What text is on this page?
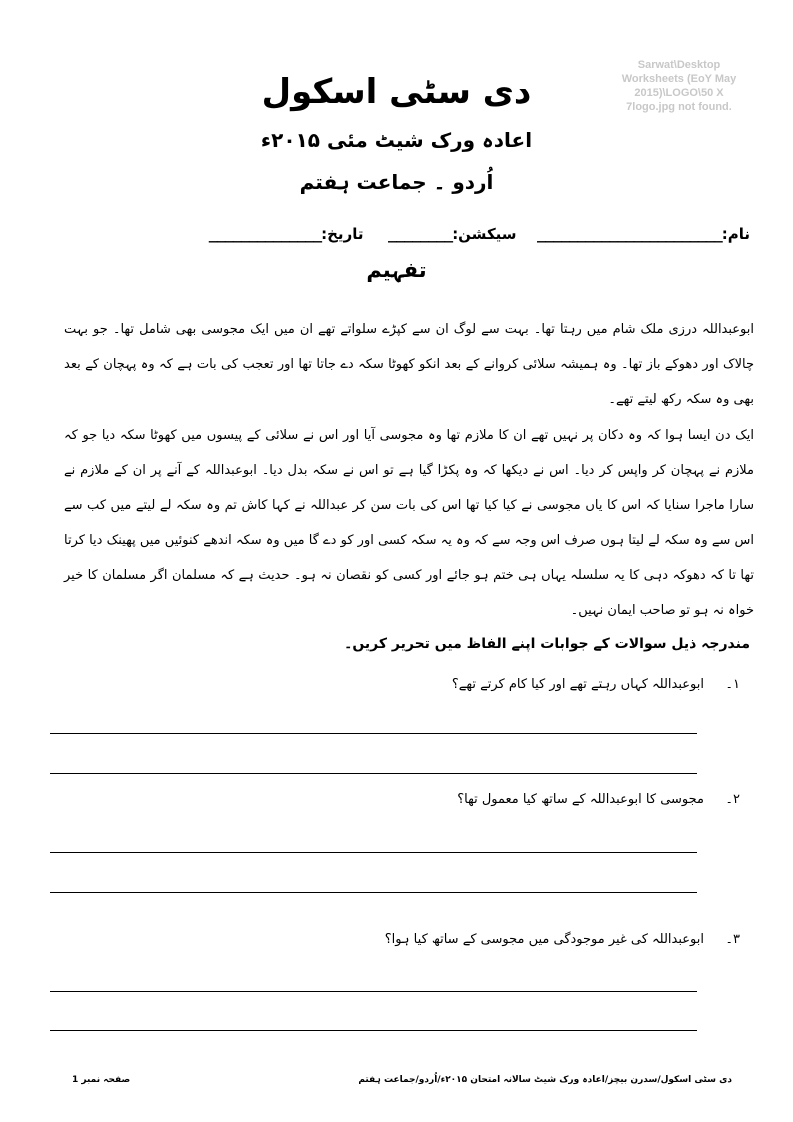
دی سٹی اسکول
Sarwat\Desktop Worksheets (EoY May 2015)\LOGO\50 X 7logo.jpg not found.
اعادہ ورک شیٹ مئی ۲۰۱۵ء
اُردو ۔ جماعت ہفتم
نام:_______________________  سیکشن:________  تاریخ:______________
تفہیم
ابوعبداللہ درزی ملک شام میں رہتا تھا۔ بہت سے لوگ ان سے کپڑے سلواتے تھے ان میں ایک مجوسی بھی شامل تھا۔ جو بہت چالاک اور دھوکے باز تھا۔ وہ ہمیشہ سلائی کروانے کے بعد انکو کھوٹا سکہ دے جاتا تھا اور تعجب کی بات ہے کہ وہ پہچان کے بعد بھی وہ سکہ رکھ لیتے تھے۔
ایک دن ایسا ہوا کہ وہ دکان پر نہیں تھے ان کا ملازم تھا وہ مجوسی آیا اور اس نے سلائی کے پیسوں میں کھوٹا سکہ دیا جو کہ ملازم نے پہچان کر واپس کر دیا۔ اس نے دیکھا کہ وہ پکڑا گیا ہے تو اس نے سکہ بدل دیا۔ ابوعبداللہ کے آنے پر ان کے ملازم نے سارا ماجرا سنایا کہ اس کا یاں مجوسی نے کیا کیا تھا اس کی بات سن کر عبداللہ نے کہا کاش تم وہ سکہ لے لیتے میں کب سے اس سے وہ سکہ لے لیتا ہوں صرف اس وجہ سے کہ وہ یہ سکہ کسی اور کو دے گا میں وہ سکہ اندھے کنوئیں میں پھینک دیا کرتا تھا تا کہ دھوکہ دہی کا یہ سلسلہ یہاں ہی ختم ہو جائے اور کسی کو نقصان نہ ہو۔ حدیث ہے کہ مسلمان اگر مسلمان کا خیر خواہ نہ ہو تو صاحب ایمان نہیں۔
مندرجہ ذیل سوالات کے جوابات اپنے الفاظ میں تحریر کریں۔
۱۔ابوعبداللہ کہاں رہتے تھے اور کیا کام کرتے تھے؟
۲۔مجوسی کا ابوعبداللہ کے ساتھ کیا معمول تھا؟
۳۔ابوعبداللہ کی غیر موجودگی میں مجوسی کے ساتھ کیا ہوا؟
دی سٹی اسکول/سدرن بیچز/اعادہ ورک شیٹ سالانہ امتحان ۲۰۱۵ء/اُردو/جماعت ہفتم
صفحہ نمبر 1
